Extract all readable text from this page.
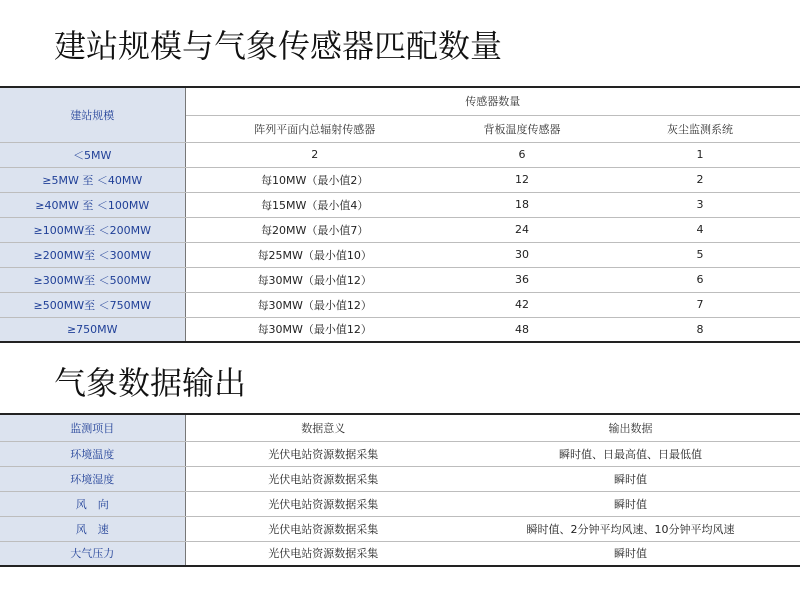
建站规模与气象传感器匹配数量
建站规模	传感器数量		
	阵列平面内总辐射传感器	背板温度传感器	灰尘监测系统
＜5MW	2	6	1
≥5MW 至 ＜40MW	每10MW（最小值2）	12	2
≥40MW 至 ＜100MW	每15MW（最小值4）	18	3
≥100MW至 ＜200MW	每20MW（最小值7）	24	4
≥200MW至 ＜300MW	每25MW（最小值10）	30	5
≥300MW至 ＜500MW	每30MW（最小值12）	36	6
≥500MW至 ＜750MW	每30MW（最小值12）	42	7
≥750MW	每30MW（最小值12）	48	8
气象数据输出
监测项目	数据意义	输出数据
环境温度	光伏电站资源数据采集	瞬时值、日最高值、日最低值
环境湿度	光伏电站资源数据采集	瞬时值
风　向	光伏电站资源数据采集	瞬时值
风　速	光伏电站资源数据采集	瞬时值、2分钟平均风速、10分钟平均风速
大气压力	光伏电站资源数据采集	瞬时值
